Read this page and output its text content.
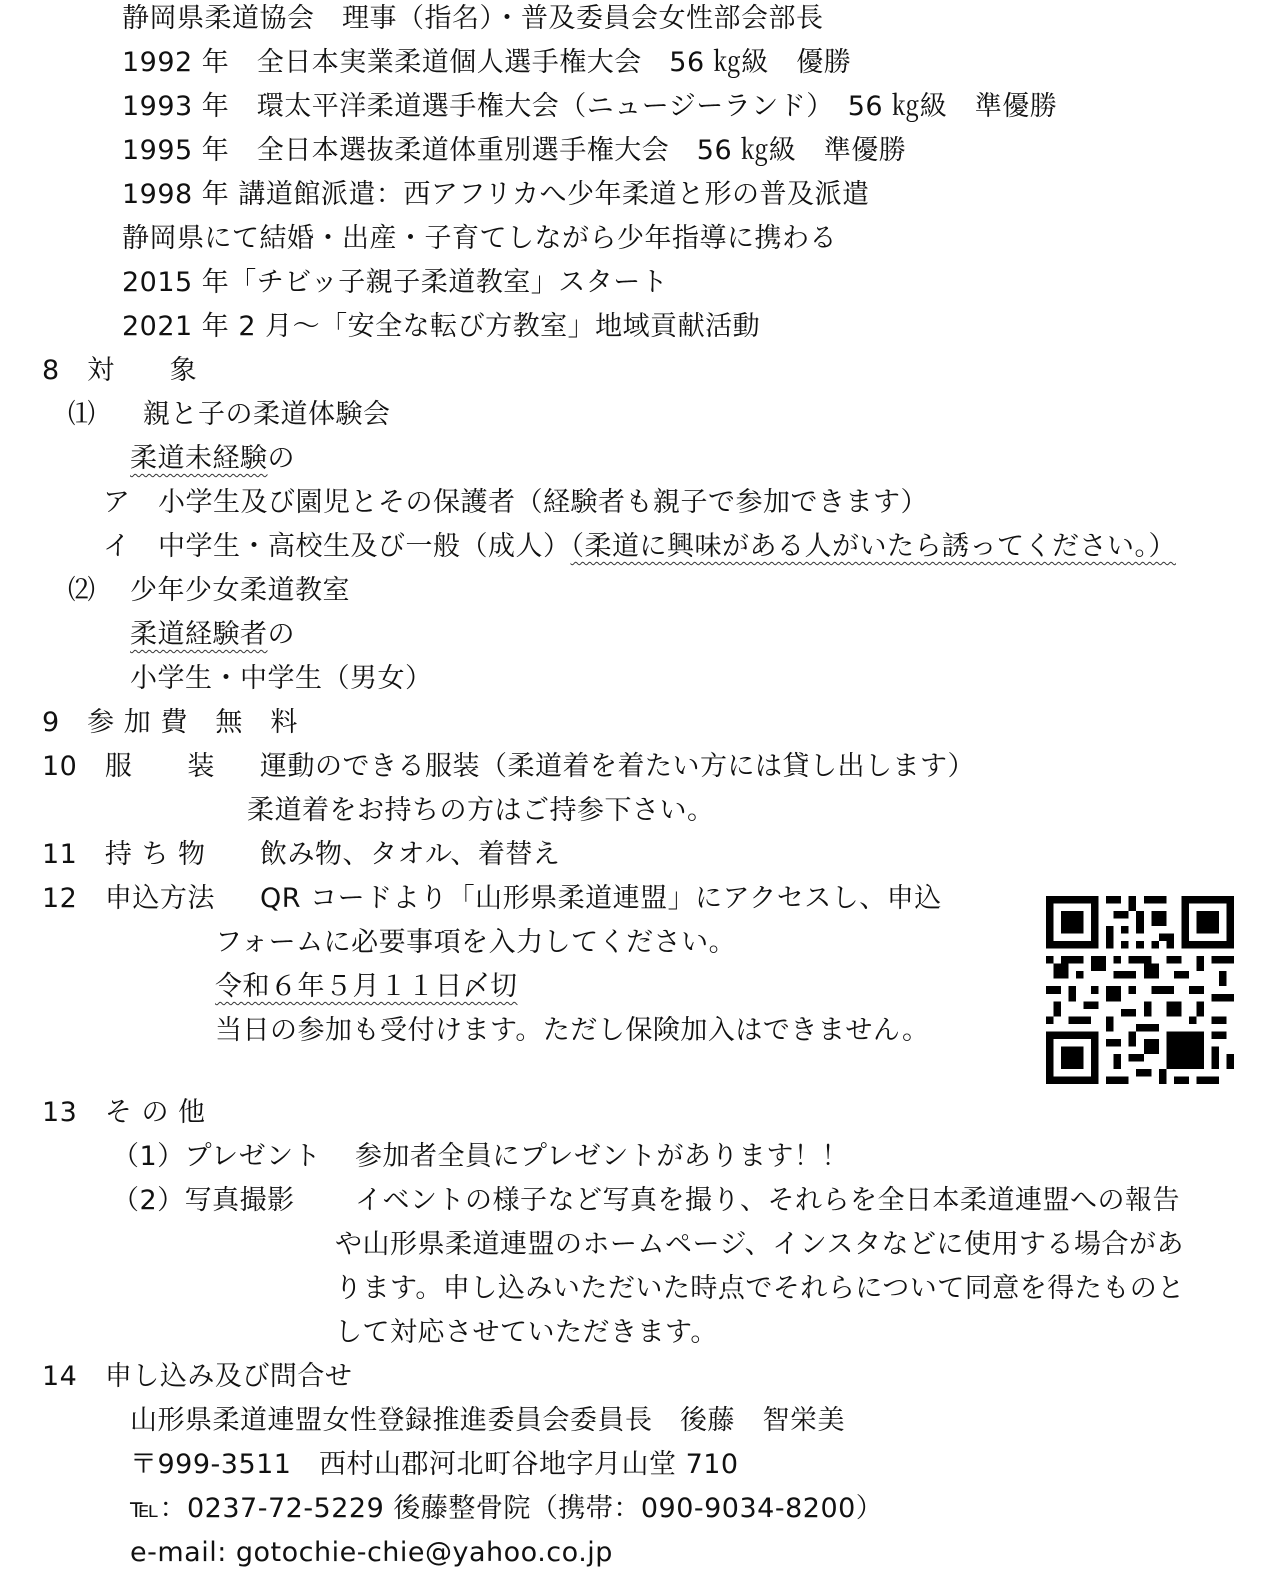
静岡県柔道協会　理事（指名）・普及委員会女性部会部長
1992 年　全日本実業柔道個人選手権大会　56 ㎏級　優勝
1993 年　環太平洋柔道選手権大会（ニュージーランド）　56 ㎏級　準優勝
1995 年　全日本選抜柔道体重別選手権大会　56 ㎏級　準優勝
1998 年 講道館派遣：西アフリカへ少年柔道と形の普及派遣
静岡県にて結婚・出産・子育てしながら少年指導に携わる
2015 年「チビッ子親子柔道教室」スタート
2021 年 2 月～「安全な転び方教室」地域貢献活動
8　対　　象
⑴ 親と子の柔道体験会
柔道未経験の
ア　小学生及び園児とその保護者（経験者も親子で参加できます）
イ　中学生・高校生及び一般（成人）（柔道に興味がある人がいたら誘ってください。）
⑵ 少年少女柔道教室
柔道経験者の
小学生・中学生（男女）
9　参 加 費　無　料
10　服　　装 運動のできる服装（柔道着を着たい方には貸し出します）
柔道着をお持ちの方はご持参下さい。
11　持 ち 物 飲み物、タオル、着替え
12　申込方法 QR コードより「山形県柔道連盟」にアクセスし、申込
フォームに必要事項を入力してください。
令和６年５月１１日〆切
当日の参加も受付けます。ただし保険加入はできません。
13　そ の 他
（1）プレゼント 参加者全員にプレゼントがあります！！
（2）写真撮影 イベントの様子など写真を撮り、それらを全日本柔道連盟への報告
や山形県柔道連盟のホームページ、インスタなどに使用する場合があ
ります。申し込みいただいた時点でそれらについて同意を得たものと
して対応させていただきます。
14　申し込み及び問合せ
山形県柔道連盟女性登録推進委員会委員長　後藤　智栄美
〒999-3511　西村山郡河北町谷地字月山堂 710
℡：0237-72-5229 後藤整骨院（携帯：090-9034-8200）
e-mail: gotochie-chie@yahoo.co.jp
